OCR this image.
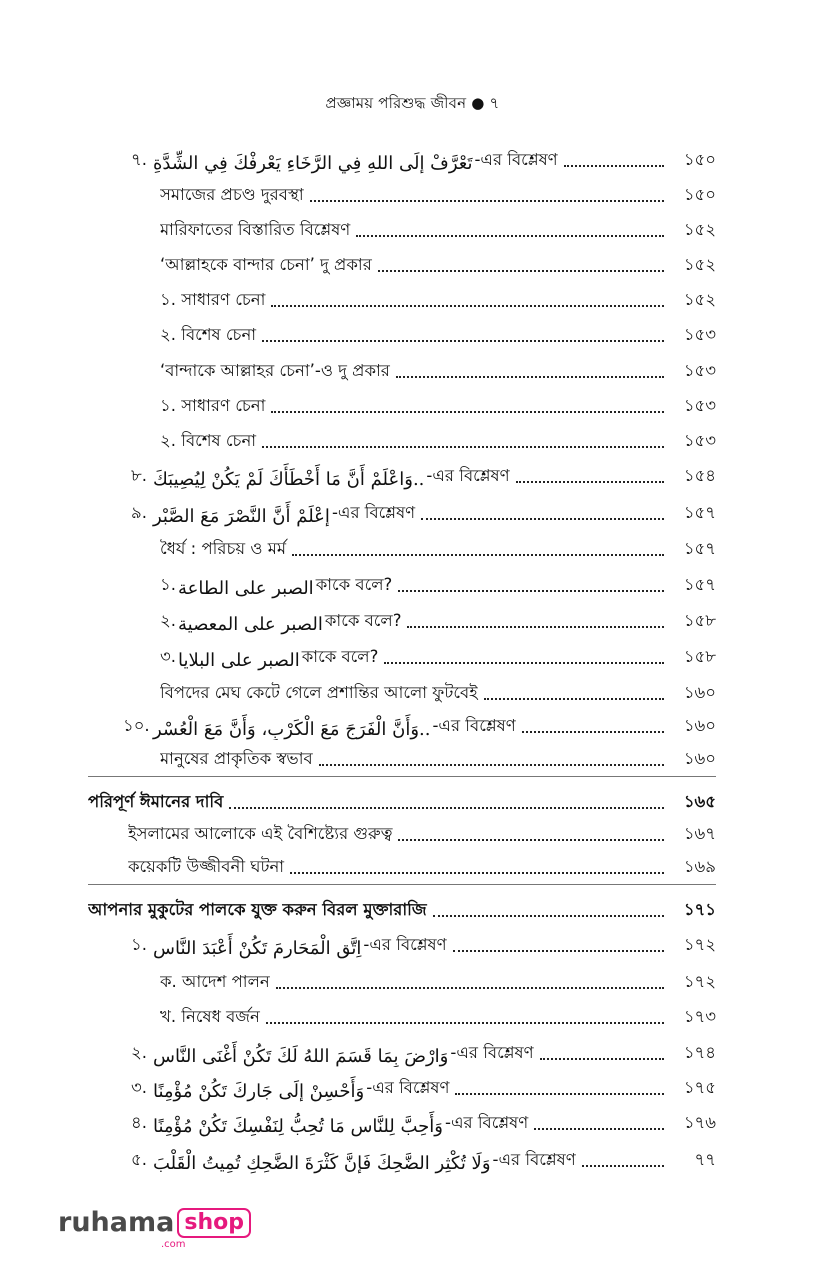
প্রজ্ঞাময় পরিশুদ্ধ জীবন ● ৭
৭. تَعْرَّفْ إِلَى اللهِ فِي الرَّخَاءِ يَعْرِفْكَ فِي الشِّدَّةِ -এর বিশ্লেষণ	১৫০
সমাজের প্রচণ্ড দুরবস্থা	১৫০
মারিফাতের বিস্তারিত বিশ্লেষণ	১৫২
‘আল্লাহকে বান্দার চেনা’ দু প্রকার	১৫২
১. সাধারণ চেনা	১৫২
২. বিশেষ চেনা	১৫৩
‘বান্দাকে আল্লাহর চেনা’-ও দু প্রকার	১৫৩
১. সাধারণ চেনা	১৫৩
২. বিশেষ চেনা	১৫৩
৮. وَاعْلَمْ أَنَّ مَا أَخْطَأَكَ لَمْ يَكُنْ لِيُصِيبَكَ.. -এর বিশ্লেষণ	১৫৪
৯. إِعْلَمْ أَنَّ النَّصْرَ مَعَ الصَّبْرِ -এর বিশ্লেষণ	১৫৭
ধৈর্য : পরিচয় ও মর্ম	১৫৭
১. الصبر على الطاعة কাকে বলে?	১৫৭
২. الصبر على المعصية কাকে বলে?	১৫৮
৩. الصبر على البلايا কাকে বলে?	১৫৮
বিপদের মেঘ কেটে গেলে প্রশান্তির আলো ফুটবেই	১৬০
১০. وَأَنَّ الْفَرَجَ مَعَ الْكَرْبِ، وَأَنَّ مَعَ الْعُسْرِ.. -এর বিশ্লেষণ	১৬০
মানুষের প্রাকৃতিক স্বভাব	১৬০
পরিপূর্ণ ঈমানের দাবি	১৬৫
ইসলামের আলোকে এই বৈশিষ্ট্যের গুরুত্ব	১৬৭
কয়েকটি উজ্জীবনী ঘটনা	১৬৯
আপনার মুকুটের পালকে যুক্ত করুন বিরল মুক্তারাজি	১৭১
১. اِتَّقِ الْمَحَارِمَ تَكُنْ أَعْبَدَ النَّاسِ -এর বিশ্লেষণ	১৭২
ক. আদেশ পালন	১৭২
খ. নিষেধ বর্জন	১৭৩
২. وَارْضَ بِمَا قَسَمَ اللهُ لَكَ تَكُنْ أَغْنَى النَّاسِ -এর বিশ্লেষণ	১৭৪
৩. وَأَحْسِنْ إِلَى جَارِكَ تَكُنْ مُؤْمِنًا -এর বিশ্লেষণ	১৭৫
৪. وَأَحِبَّ لِلنَّاسِ مَا تُحِبُّ لِنَفْسِكَ تَكُنْ مُؤْمِنًا -এর বিশ্লেষণ	১৭৬
৫. وَلَا تُكْثِرِ الضَّحِكَ فَإِنَّ كَثْرَةَ الضَّحِكِ تُمِيتُ الْقَلْبَ -এর বিশ্লেষণ	৭৭
ruhama shop
.com
